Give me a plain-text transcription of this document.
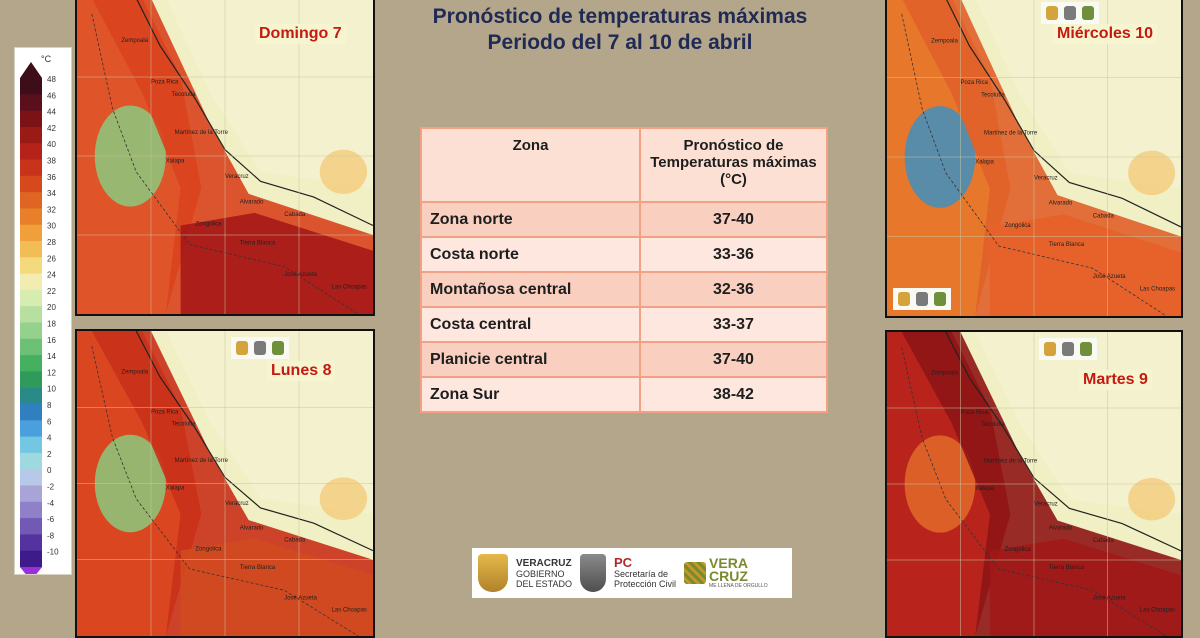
Pronóstico de temperaturas máximas
Periodo del 7 al 10 de abril
°C
48
46
44
42
40
38
36
34
32
30
28
26
24
22
20
18
16
14
12
10
8
6
4
2
0
-2
-4
-6
-8
-10
Zempoala
Poza Rica
Tecolutla
Martínez de la Torre
Xalapa
Veracruz
Alvarado
Cabada
Zongolica
Tierra Blanca
José Azueta
Las Choapas
Domingo 7	Zempoala
Poza Rica
Tecolutla
Martínez de la Torre
Xalapa
Veracruz
Alvarado
Cabada
Zongolica
Tierra Blanca
José Azueta
Las Choapas
Miércoles 10
Zempoala
Poza Rica
Tecolutla
Martínez de la Torre
Xalapa
Veracruz
Alvarado
Cabada
Zongolica
Tierra Blanca
José Azueta
Las Choapas
Lunes 8	Zempoala
Poza Rica
Tecolutla
Martínez de la Torre
Xalapa
Veracruz
Alvarado
Cabada
Zongolica
Tierra Blanca
José Azueta
Las Choapas
Martes 9
Zona	Pronóstico de Temperaturas máximas (°C)
Zona norte	37-40
Costa norte	33-36
Montañosa central	32-36
Costa central	33-37
Planicie central	37-40
Zona Sur	38-42
VERACRUZ
GOBIERNO
DEL ESTADO
PC
Secretaría de
Protección Civil
VERA
CRUZ
ME LLENA DE ORGULLO
